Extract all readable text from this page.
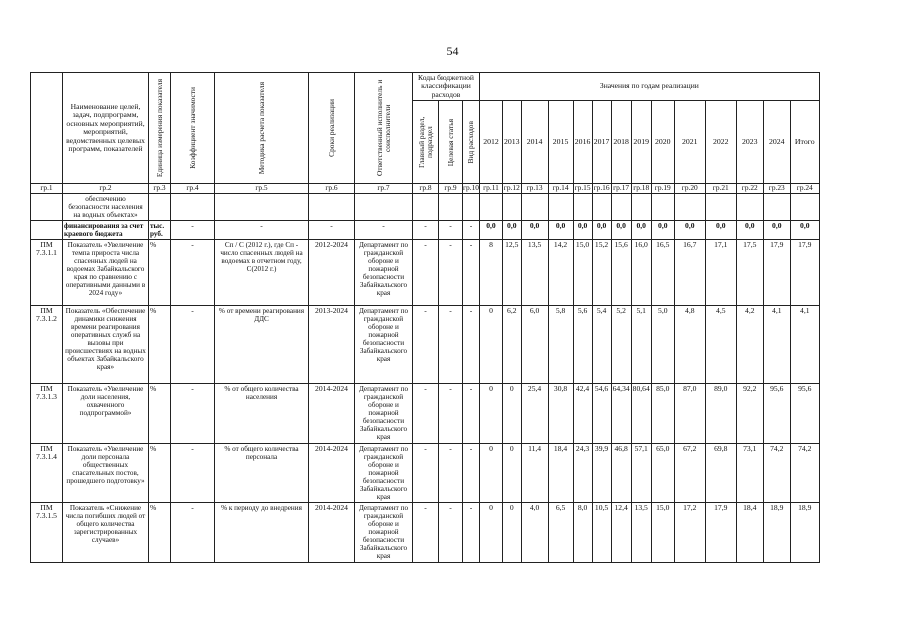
54
	Наименование целей, задач, подпрограмм, основных мероприятий, мероприятий, ведомственных целевых программ, показателей	Единица измерения показателя	Коэффициент значимости	Методика расчета показателя	Сроки реализации	Ответственный исполнитель и соисполнители	Коды бюджетной классификации расходов			Значения по годам реализации													

							Главный раздел, подраздел	Целевая статья	Вид расходов	2012	2013	2014	2015	2016	2017	2018	2019	2020	2021	2022	2023	2024	Итого
гр.1	гр.2	гр.3	гр.4	гр.5	гр.6	гр.7	гр.8	гр.9	гр.10	гр.11	гр.12	гр.13	гр.14	гр.15	гр.16	гр.17	гр.18	гр.19	гр.20	гр.21	гр.22	гр.23	гр.24
	обеспечению безопасности населения на водных объектах»																						
	финансирования за счет краевого бюджета	тыс. руб.	-	-	-	-	-	-	-	0,0	0,0	0,0	0,0	0,0	0,0	0,0	0,0	0,0	0,0	0,0	0,0	0,0	0,0
ПМ 7.3.1.1	Показатель «Увеличение темпа прироста числа спасенных людей на водоемах Забайкальского края по сравнению с оперативными данными в 2024 году»	%	-	Сп / С (2012 г.), где Сп - число спасенных людей на водоемах в отчетном году, С(2012 г.)	2012-2024	Департамент по гражданской обороне и пожарной безопасности Забайкальского края	-	-	-	8	12,5	13,5	14,2	15,0	15,2	15,6	16,0	16,5	16,7	17,1	17,5	17,9	17,9
ПМ 7.3.1.2	Показатель «Обеспечение динамики снижения времени реагирования оперативных служб на вызовы при происшествиях на водных объектах Забайкальского края»	%	-	% от времени реагирования ДДС	2013-2024	Департамент по гражданской обороне и пожарной безопасности Забайкальского края	-	-	-	0	6,2	6,0	5,8	5,6	5,4	5,2	5,1	5,0	4,8	4,5	4,2	4,1	4,1
ПМ 7.3.1.3	Показатель «Увеличение доли населения, охваченного подпрограммой»	%	-	% от общего количества населения	2014-2024	Департамент по гражданской обороне и пожарной безопасности Забайкальского края	-	-	-	0	0	25,4	30,8	42,4	54,6	64,34	80,64	85,0	87,0	89,0	92,2	95,6	95,6
ПМ 7.3.1.4	Показатель «Увеличение доли персонала общественных спасательных постов, прошедшего подготовку»	%	-	% от общего количества персонала	2014-2024	Департамент по гражданской обороне и пожарной безопасности Забайкальского края	-	-	-	0	0	11,4	18,4	24,3	39,9	46,8	57,1	65,0	67,2	69,8	73,1	74,2	74,2
ПМ 7.3.1.5	Показатель «Снижение числа погибших людей от общего количества зарегистрированных случаев»	%	-	% к периоду до внедрения	2014-2024	Департамент по гражданской обороне и пожарной безопасности Забайкальского края	-	-	-	0	0	4,0	6,5	8,0	10,5	12,4	13,5	15,0	17,2	17,9	18,4	18,9	18,9
